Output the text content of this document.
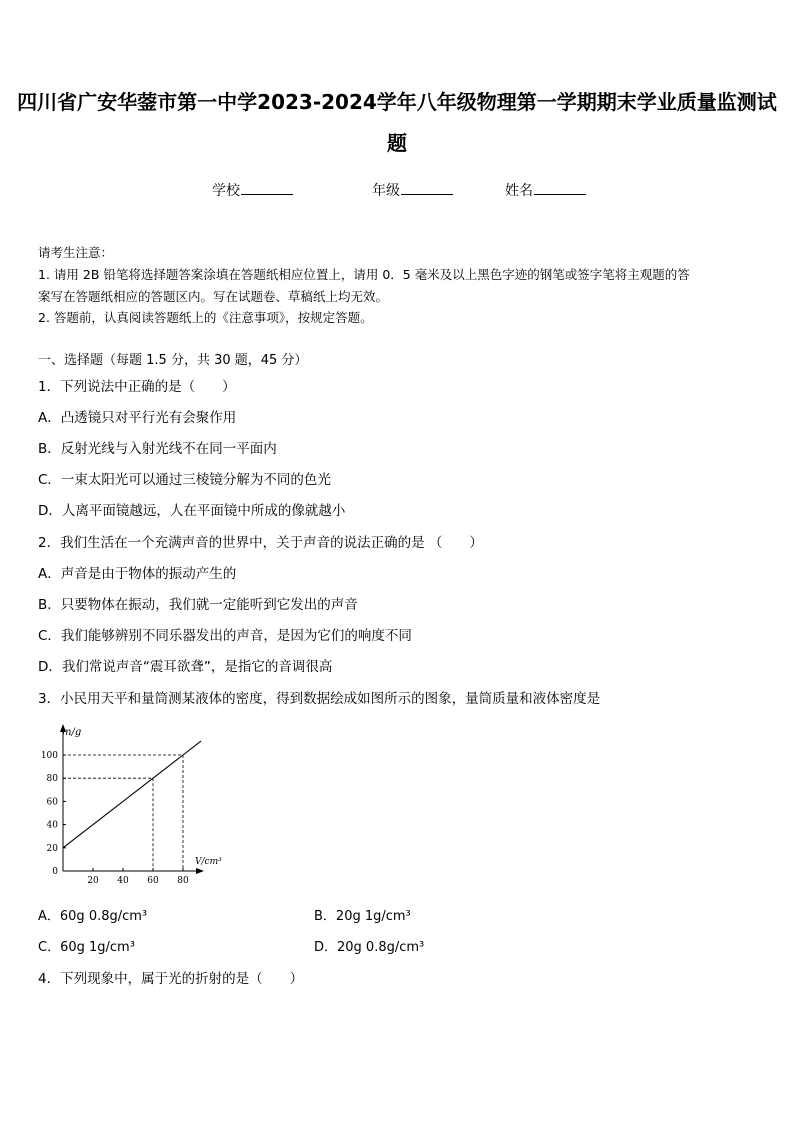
四川省广安华蓥市第一中学2023-2024学年八年级物理第一学期期末学业质量监测试
题
学校	年级	姓名
请考生注意：
1. 请用 2B 铅笔将选择题答案涂填在答题纸相应位置上，请用 0．5 毫米及以上黑色字迹的钢笔或签字笔将主观题的答
案写在答题纸相应的答题区内。写在试题卷、草稿纸上均无效。
2. 答题前，认真阅读答题纸上的《注意事项》，按规定答题。
一、选择题（每题 1.5 分，共 30 题，45 分）
1．下列说法中正确的是（　　）
A．凸透镜只对平行光有会聚作用
B．反射光线与入射光线不在同一平面内
C．一束太阳光可以通过三棱镜分解为不同的色光
D．人离平面镜越远，人在平面镜中所成的像就越小
2．我们生活在一个充满声音的世界中，关于声音的说法正确的是 （　　）
A．声音是由于物体的振动产生的
B．只要物体在振动，我们就一定能听到它发出的声音
C．我们能够辨别不同乐器发出的声音，是因为它们的响度不同
D．我们常说声音“震耳欲聋”，是指它的音调很高
3．小民用天平和量筒测某液体的密度，得到数据绘成如图所示的图象，量筒质量和液体密度是
0
20
40
60
80
100
20 40 60 80
m/g
V/cm³
A．60g 0.8g/cm³	B．20g 1g/cm³
C．60g 1g/cm³	D．20g 0.8g/cm³
4．下列现象中，属于光的折射的是（　　）
